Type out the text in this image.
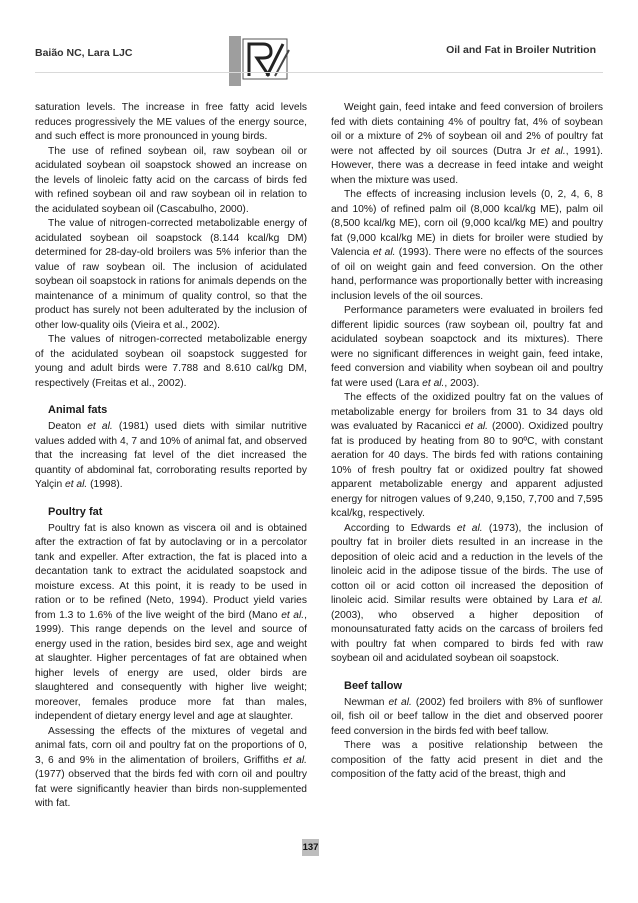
Baião NC, Lara LJC	Oil and Fat in Broiler Nutrition

saturation levels. The increase in free fatty acid levels reduces progressively the ME values of the energy source, and such effect is more pronounced in young birds.

The use of refined soybean oil, raw soybean oil or acidulated soybean oil soapstock showed an increase on the levels of linoleic fatty acid on the carcass of birds fed with refined soybean oil and raw soybean oil in relation to the acidulated soybean oil (Cascabulho, 2000).

The value of nitrogen-corrected metabolizable energy of acidulated soybean oil soapstock (8.144 kcal/kg DM) determined for 28-day-old broilers was 5% inferior than the value of raw soybean oil. The inclusion of acidulated soybean oil soapstock in rations for animals depends on the maintenance of a minimum of quality control, so that the product has surely not been adulterated by the inclusion of other low-quality oils (Vieira et al., 2002).

The values of nitrogen-corrected metabolizable energy of the acidulated soybean oil soapstock suggested for young and adult birds were 7.788 and 8.610 cal/kg DM, respectively (Freitas et al., 2002).

Animal fats

Deaton et al. (1981) used diets with similar nutritive values added with 4, 7 and 10% of animal fat, and observed that the increasing fat level of the diet increased the quantity of abdominal fat, corroborating results reported by Yalçin et al. (1998).

Poultry fat

Poultry fat is also known as viscera oil and is obtained after the extraction of fat by autoclaving or in a percolator tank and expeller. After extraction, the fat is placed into a decantation tank to extract the acidulated soapstock and moisture excess. At this point, it is ready to be used in ration or to be refined (Neto, 1994). Product yield varies from 1.3 to 1.6% of the live weight of the bird (Mano et al., 1999). This range depends on the level and source of energy used in the ration, besides bird sex, age and weight at slaughter. Higher percentages of fat are obtained when higher levels of energy are used, older birds are slaughtered and consequently with higher live weight; moreover, females produce more fat than males, independent of dietary energy level and age at slaughter.

Assessing the effects of the mixtures of vegetal and animal fats, corn oil and poultry fat on the proportions of 0, 3, 6 and 9% in the alimentation of broilers, Griffiths et al. (1977) observed that the birds fed with corn oil and poultry fat were significantly heavier than birds non-supplemented with fat.

Weight gain, feed intake and feed conversion of broilers fed with diets containing 4% of poultry fat, 4% of soybean oil or a mixture of 2% of soybean oil and 2% of poultry fat were not affected by oil sources (Dutra Jr et al., 1991). However, there was a decrease in feed intake and weight when the mixture was used.

The effects of increasing inclusion levels (0, 2, 4, 6, 8 and 10%) of refined palm oil (8,000 kcal/kg ME), palm oil (8,500 kcal/kg ME), corn oil (9,000 kcal/kg ME) and poultry fat (9,000 kcal/kg ME) in diets for broiler were studied by Valencia et al. (1993). There were no effects of the sources of oil on weight gain and feed conversion. On the other hand, performance was proportionally better with increasing inclusion levels of the oil sources.

Performance parameters were evaluated in broilers fed different lipidic sources (raw soybean oil, poultry fat and acidulated soybean soapctock and its mixtures). There were no significant differences in weight gain, feed intake, feed conversion and viability when soybean oil and poultry fat were used (Lara et al., 2003).

The effects of the oxidized poultry fat on the values of metabolizable energy for broilers from 31 to 34 days old was evaluated by Racanicci et al. (2000). Oxidized poultry fat is produced by heating from 80 to 90ºC, with constant aeration for 40 days. The birds fed with rations containing 10% of fresh poultry fat or oxidized poultry fat showed apparent metabolizable energy and apparent adjusted energy for nitrogen values of 9,240, 9,150, 7,700 and 7,595 kcal/kg, respectively.

According to Edwards et al. (1973), the inclusion of poultry fat in broiler diets resulted in an increase in the deposition of oleic acid and a reduction in the levels of the linoleic acid in the adipose tissue of the birds. The use of cotton oil or acid cotton oil increased the deposition of linoleic acid. Similar results were obtained by Lara et al. (2003), who observed a higher deposition of monounsaturated fatty acids on the carcass of broilers fed with poultry fat when compared to birds fed with raw soybean oil and acidulated soybean oil soapstock.

Beef tallow

Newman et al. (2002) fed broilers with 8% of sunflower oil, fish oil or beef tallow in the diet and observed poorer feed conversion in the birds fed with beef tallow.

There was a positive relationship between the composition of the fatty acid present in diet and the composition of the fatty acid of the breast, thigh and

137
